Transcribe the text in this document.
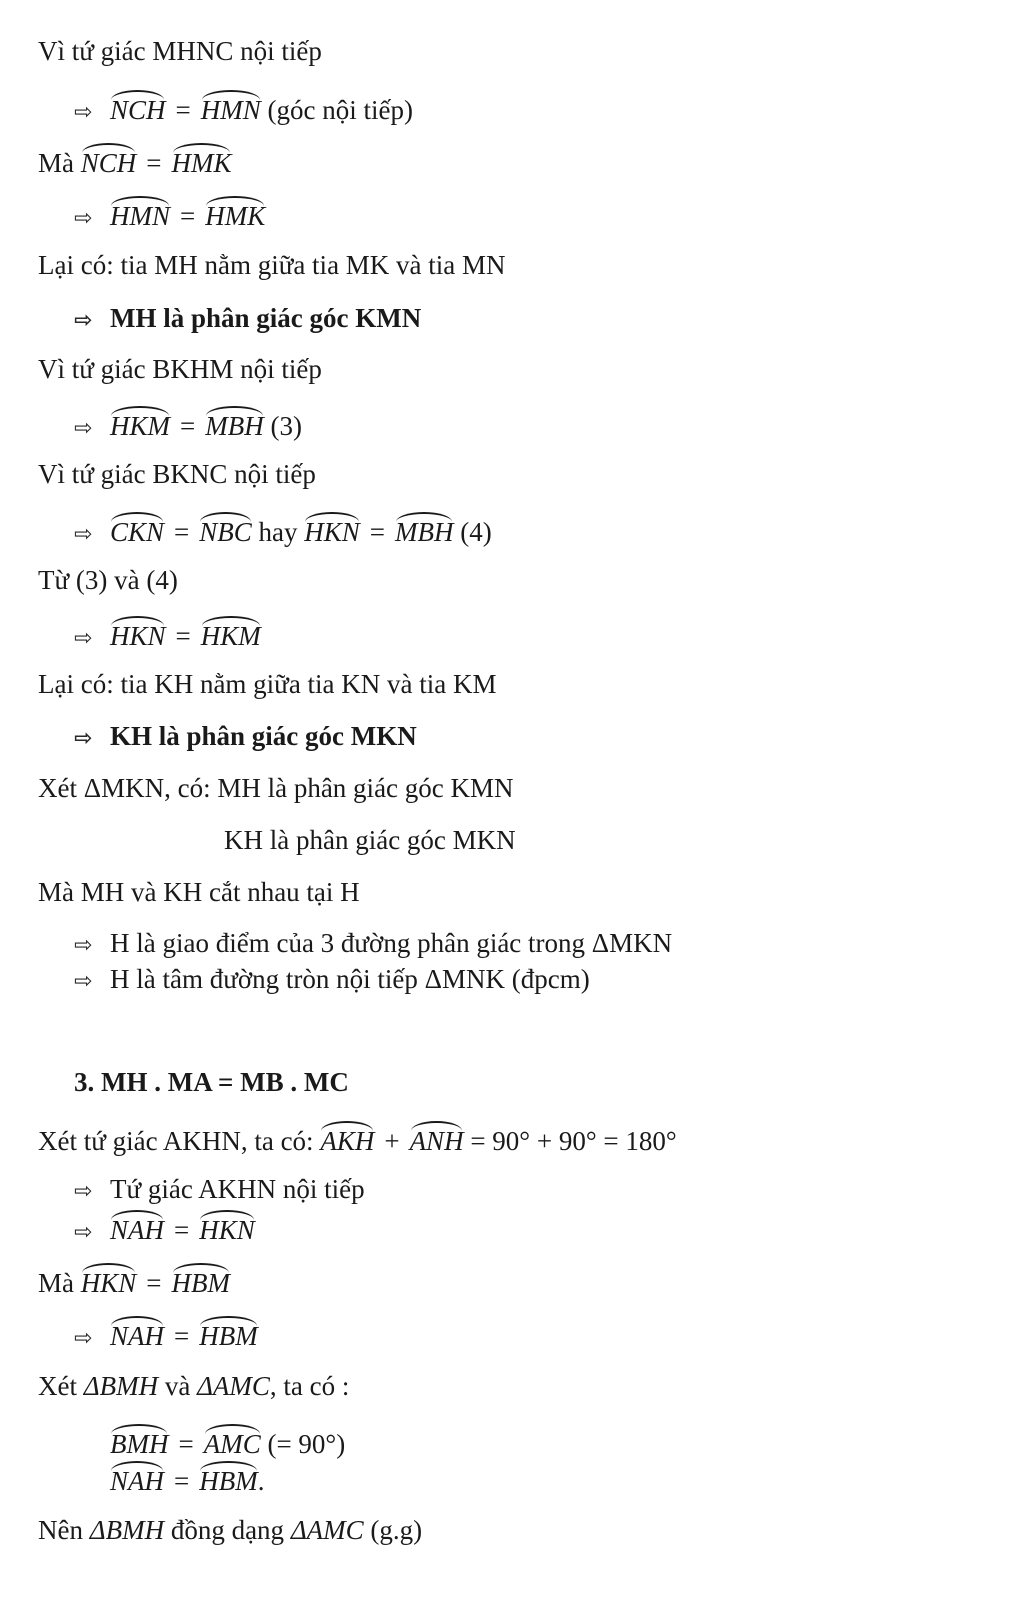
Vì tứ giác MHNC nội tiếp
⇨ NCH = HMN (góc nội tiếp)
Mà NCH = HMK
⇨ HMN = HMK
Lại có: tia MH nằm giữa tia MK và tia MN
⇨ MH là phân giác góc KMN
Vì tứ giác BKHM nội tiếp
⇨ HKM = MBH (3)
Vì tứ giác BKNC nội tiếp
⇨ CKN = NBC hay HKN = MBH (4)
Từ (3) và (4)
⇨ HKN = HKM
Lại có: tia KH nằm giữa tia KN và tia KM
⇨ KH là phân giác góc MKN
Xét ΔMKN, có: MH là phân giác góc KMN
KH là phân giác góc MKN
Mà MH và KH cắt nhau tại H
⇨ H là giao điểm của 3 đường phân giác trong ΔMKN
⇨ H là tâm đường tròn nội tiếp ΔMNK (đpcm)
3. MH . MA = MB . MC
Xét tứ giác AKHN, ta có: AKH + ANH = 90° + 90° = 180°
⇨ Tứ giác AKHN nội tiếp
⇨ NAH = HKN
Mà HKN = HBM
⇨ NAH = HBM
Xét ΔBMH và ΔAMC, ta có :
BMH = AMC (= 90°)
NAH = HBM.
Nên ΔBMH đồng dạng ΔAMC (g.g)
